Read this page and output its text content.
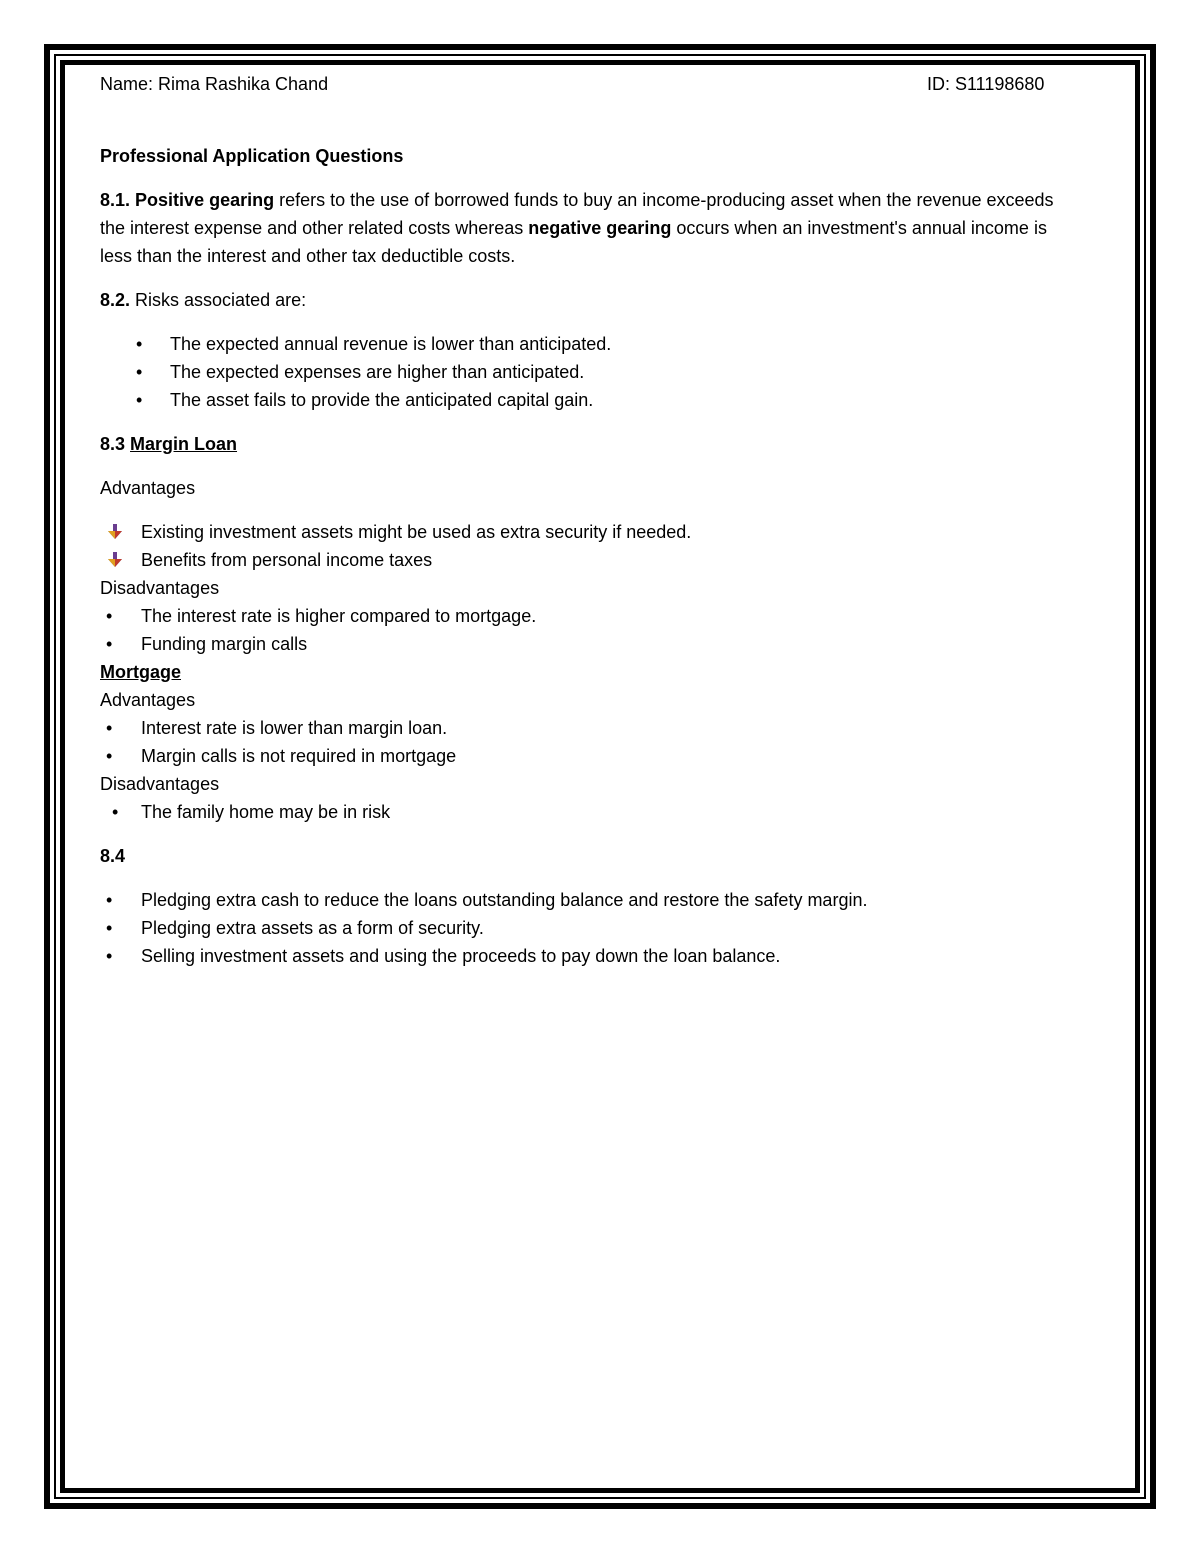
Name: Rima Rashika Chand	ID: S11198680

Professional Application Questions

8.1. Positive gearing refers to the use of borrowed funds to buy an income-producing asset when the revenue exceeds the interest expense and other related costs whereas negative gearing occurs when an investment's annual income is less than the interest and other tax deductible costs.

8.2. Risks associated are:

• The expected annual revenue is lower than anticipated.
• The expected expenses are higher than anticipated.
• The asset fails to provide the anticipated capital gain.

8.3 Margin Loan

Advantages

Existing investment assets might be used as extra security if needed.
Benefits from personal income taxes

Disadvantages

• The interest rate is higher compared to mortgage.
• Funding margin calls

Mortgage

Advantages

• Interest rate is lower than margin loan.
• Margin calls is not required in mortgage

Disadvantages

• The family home may be in risk

8.4

• Pledging extra cash to reduce the loans outstanding balance and restore the safety margin.
• Pledging extra assets as a form of security.
• Selling investment assets and using the proceeds to pay down the loan balance.
